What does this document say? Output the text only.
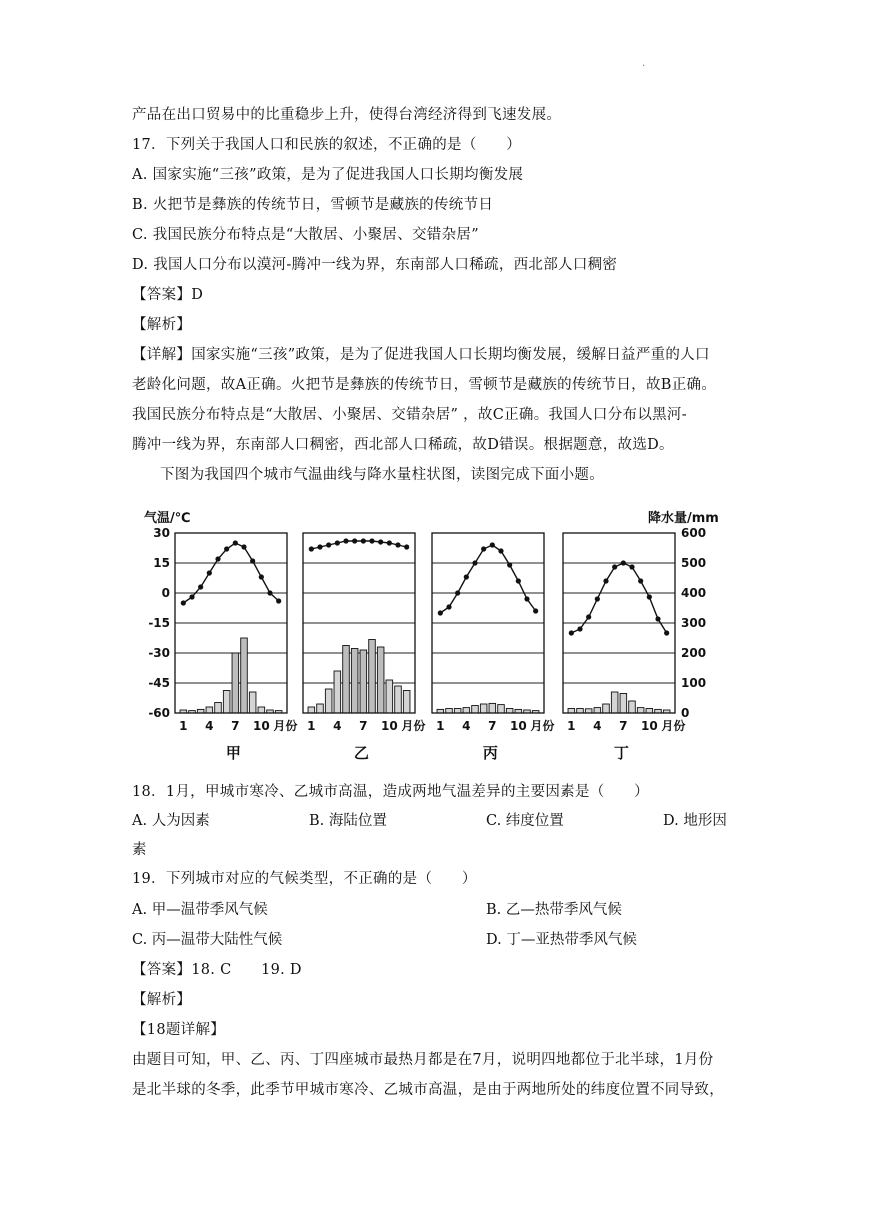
.
产品在出口贸易中的比重稳步上升，使得台湾经济得到飞速发展。
17．下列关于我国人口和民族的叙述，不正确的是（　　）
A. 国家实施“三孩”政策，是为了促进我国人口长期均衡发展
B. 火把节是彝族的传统节日，雪顿节是藏族的传统节日
C. 我国民族分布特点是“大散居、小聚居、交错杂居”
D. 我国人口分布以漠河-腾冲一线为界，东南部人口稀疏，西北部人口稠密
【答案】D
【解析】
【详解】国家实施“三孩”政策，是为了促进我国人口长期均衡发展，缓解日益严重的人口
老龄化问题，故A正确。火把节是彝族的传统节日，雪顿节是藏族的传统节日，故B正确。
我国民族分布特点是“大散居、小聚居、交错杂居” ，故C正确。我国人口分布以黑河-
腾冲一线为界，东南部人口稠密，西北部人口稀疏，故D错误。根据题意，故选D。
下图为我国四个城市气温曲线与降水量柱状图，读图完成下面小题。
气温/℃	降水量/mm
30
15
0
-15
-30
-45
-60
600
500
400
300
200
100
0
1 4 7 10 月份
甲
1 4 7 10 月份
乙
1 4 7 10 月份
丙
1 4 7 10 月份
丁
18．1月，甲城市寒冷、乙城市高温，造成两地气温差异的主要因素是（　　）
A. 人为因素	B. 海陆位置	C. 纬度位置	D. 地形因
素
19．下列城市对应的气候类型，不正确的是（　　）
A. 甲—温带季风气候	B. 乙—热带季风气候
C. 丙—温带大陆性气候	D. 丁—亚热带季风气候
【答案】18. C　　19. D
【解析】
【18题详解】
由题目可知，甲、乙、丙、丁四座城市最热月都是在7月，说明四地都位于北半球，1月份
是北半球的冬季，此季节甲城市寒冷、乙城市高温，是由于两地所处的纬度位置不同导致，
